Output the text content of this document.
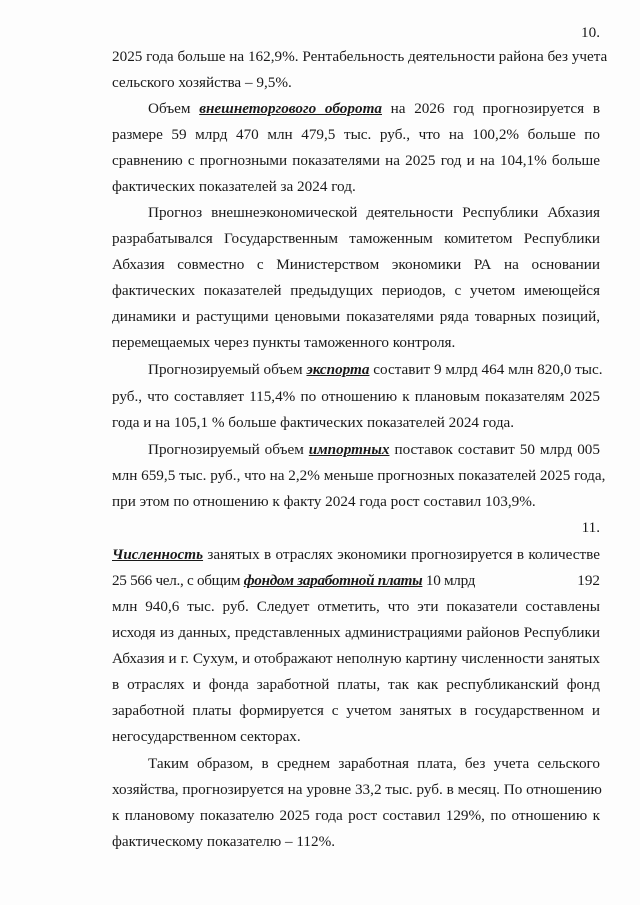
10.
2025 года больше на 162,9%. Рентабельность деятельности района без учета
сельского хозяйства – 9,5%.
Объем внешнеторгового оборота на 2026 год прогнозируется в
размере 59 млрд 470 млн 479,5 тыс. руб., что на 100,2% больше по
сравнению с прогнозными показателями на 2025 год и на 104,1% больше
фактических показателей за 2024 год.
Прогноз внешнеэкономической деятельности Республики Абхазия
разрабатывался Государственным таможенным комитетом Республики
Абхазия совместно с Министерством экономики РА на основании
фактических показателей предыдущих периодов, с учетом имеющейся
динамики и растущими ценовыми показателями ряда товарных позиций,
перемещаемых через пункты таможенного контроля.
Прогнозируемый объем экспорта составит 9 млрд 464 млн 820,0 тыс.
руб., что составляет 115,4% по отношению к плановым показателям 2025
года и на 105,1 % больше фактических показателей 2024 года.
Прогнозируемый объем импортных поставок составит 50 млрд 005
млн 659,5 тыс. руб., что на 2,2% меньше прогнозных показателей 2025 года,
при этом по отношению к факту 2024 года рост составил 103,9%.
11.
Численность занятых в отраслях экономики прогнозируется в количестве
25 566 чел., с общим фондом заработной платы 10 млрд	192
млн 940,6 тыс. руб. Следует отметить, что эти показатели составлены
исходя из данных, представленных администрациями районов Республики
Абхазия и г. Сухум, и отображают неполную картину численности занятых
в отраслях и фонда заработной платы, так как республиканский фонд
заработной платы формируется с учетом занятых в государственном и
негосударственном секторах.
Таким образом, в среднем заработная плата, без учета сельского
хозяйства, прогнозируется на уровне 33,2 тыс. руб. в месяц. По отношению
к плановому показателю 2025 года рост составил 129%, по отношению к
фактическому показателю – 112%.
